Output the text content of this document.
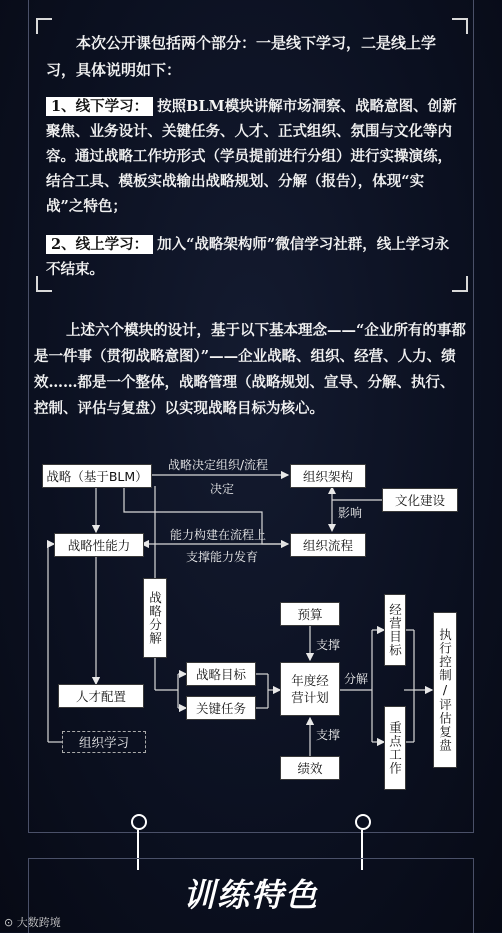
本次公开课包括两个部分：一是线下学习，二是线上学习，具体说明如下：
1、线下学习： 按照BLM模块讲解市场洞察、战略意图、创新聚焦、业务设计、关键任务、人才、正式组织、氛围与文化等内容。通过战略工作坊形式（学员提前进行分组）进行实操演练，结合工具、模板实战输出战略规划、分解（报告），体现“实战”之特色；
2、线上学习： 加入“战略架构师”微信学习社群，线上学习永不结束。
上述六个模块的设计，基于以下基本理念——“企业所有的事都是一件事（贯彻战略意图）”——企业战略、组织、经营、人力、绩效……都是一个整体，战略管理（战略规划、宣导、分解、执行、控制、评估与复盘）以实现战略目标为核心。
战略（基于BLM）	组织架构
文化建设
战略性能力	组织流程
战略分解	预算
年度经营计划
战略目标
关键任务
人才配置
组织学习
绩效
经营目标
重点工作	执行控制/评估复盘
战略决定组织/流程
决定
影响
能力构建在流程上
支撑能力发育
支撑
支撑
分解
训练特色
⊙ 大数跨境
